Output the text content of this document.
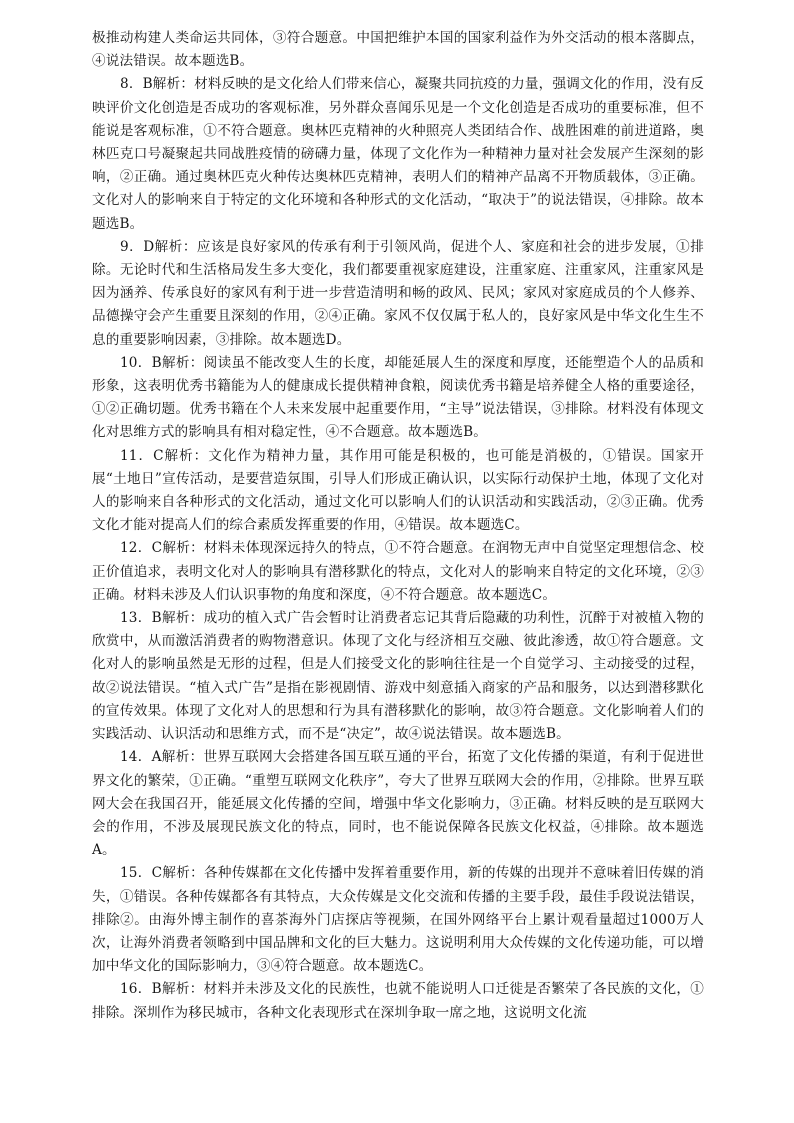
极推动构建人类命运共同体，③符合题意。中国把维护本国的国家利益作为外交活动的根本落脚点，④说法错误。故本题选B。

8．B解析：材料反映的是文化给人们带来信心，凝聚共同抗疫的力量，强调文化的作用，没有反映评价文化创造是否成功的客观标准，另外群众喜闻乐见是一个文化创造是否成功的重要标准，但不能说是客观标准，①不符合题意。奥林匹克精神的火种照亮人类团结合作、战胜困难的前进道路，奥林匹克口号凝聚起共同战胜疫情的磅礴力量，体现了文化作为一种精神力量对社会发展产生深刻的影响，②正确。通过奥林匹克火种传达奥林匹克精神，表明人们的精神产品离不开物质载体，③正确。文化对人的影响来自于特定的文化环境和各种形式的文化活动，“取决于”的说法错误，④排除。故本题选B。

9．D解析：应该是良好家风的传承有利于引领风尚，促进个人、家庭和社会的进步发展，①排除。无论时代和生活格局发生多大变化，我们都要重视家庭建设，注重家庭、注重家风，注重家风是因为涵养、传承良好的家风有利于进一步营造清明和畅的政风、民风；家风对家庭成员的个人修养、品德操守会产生重要且深刻的作用，②④正确。家风不仅仅属于私人的，良好家风是中华文化生生不息的重要影响因素，③排除。故本题选D。

10．B解析：阅读虽不能改变人生的长度，却能延展人生的深度和厚度，还能塑造个人的品质和形象，这表明优秀书籍能为人的健康成长提供精神食粮，阅读优秀书籍是培养健全人格的重要途径，①②正确切题。优秀书籍在个人未来发展中起重要作用，“主导”说法错误，③排除。材料没有体现文化对思维方式的影响具有相对稳定性，④不合题意。故本题选B。

11．C解析：文化作为精神力量，其作用可能是积极的，也可能是消极的，①错误。国家开展“土地日”宣传活动，是要营造氛围，引导人们形成正确认识，以实际行动保护土地，体现了文化对人的影响来自各种形式的文化活动，通过文化可以影响人们的认识活动和实践活动，②③正确。优秀文化才能对提高人们的综合素质发挥重要的作用，④错误。故本题选C。

12．C解析：材料未体现深远持久的特点，①不符合题意。在润物无声中自觉坚定理想信念、校正价值追求，表明文化对人的影响具有潜移默化的特点，文化对人的影响来自特定的文化环境，②③正确。材料未涉及人们认识事物的角度和深度，④不符合题意。故本题选C。

13．B解析：成功的植入式广告会暂时让消费者忘记其背后隐藏的功利性，沉醉于对被植入物的欣赏中，从而激活消费者的购物潜意识。体现了文化与经济相互交融、彼此渗透，故①符合题意。文化对人的影响虽然是无形的过程，但是人们接受文化的影响往往是一个自觉学习、主动接受的过程，故②说法错误。“植入式广告”是指在影视剧情、游戏中刻意插入商家的产品和服务，以达到潜移默化的宣传效果。体现了文化对人的思想和行为具有潜移默化的影响，故③符合题意。文化影响着人们的实践活动、认识活动和思维方式，而不是“决定”，故④说法错误。故本题选B。

14．A解析：世界互联网大会搭建各国互联互通的平台，拓宽了文化传播的渠道，有利于促进世界文化的繁荣，①正确。“重塑互联网文化秩序”，夸大了世界互联网大会的作用，②排除。世界互联网大会在我国召开，能延展文化传播的空间，增强中华文化影响力，③正确。材料反映的是互联网大会的作用，不涉及展现民族文化的特点，同时，也不能说保障各民族文化权益，④排除。故本题选A。

15．C解析：各种传媒都在文化传播中发挥着重要作用，新的传媒的出现并不意味着旧传媒的消失，①错误。各种传媒都各有其特点，大众传媒是文化交流和传播的主要手段，最佳手段说法错误，排除②。由海外博主制作的喜茶海外门店探店等视频，在国外网络平台上累计观看量超过1000万人次，让海外消费者领略到中国品牌和文化的巨大魅力。这说明利用大众传媒的文化传递功能，可以增加中华文化的国际影响力，③④符合题意。故本题选C。

16．B解析：材料并未涉及文化的民族性，也就不能说明人口迁徙是否繁荣了各民族的文化，①排除。深圳作为移民城市，各种文化表现形式在深圳争取一席之地，这说明文化流
